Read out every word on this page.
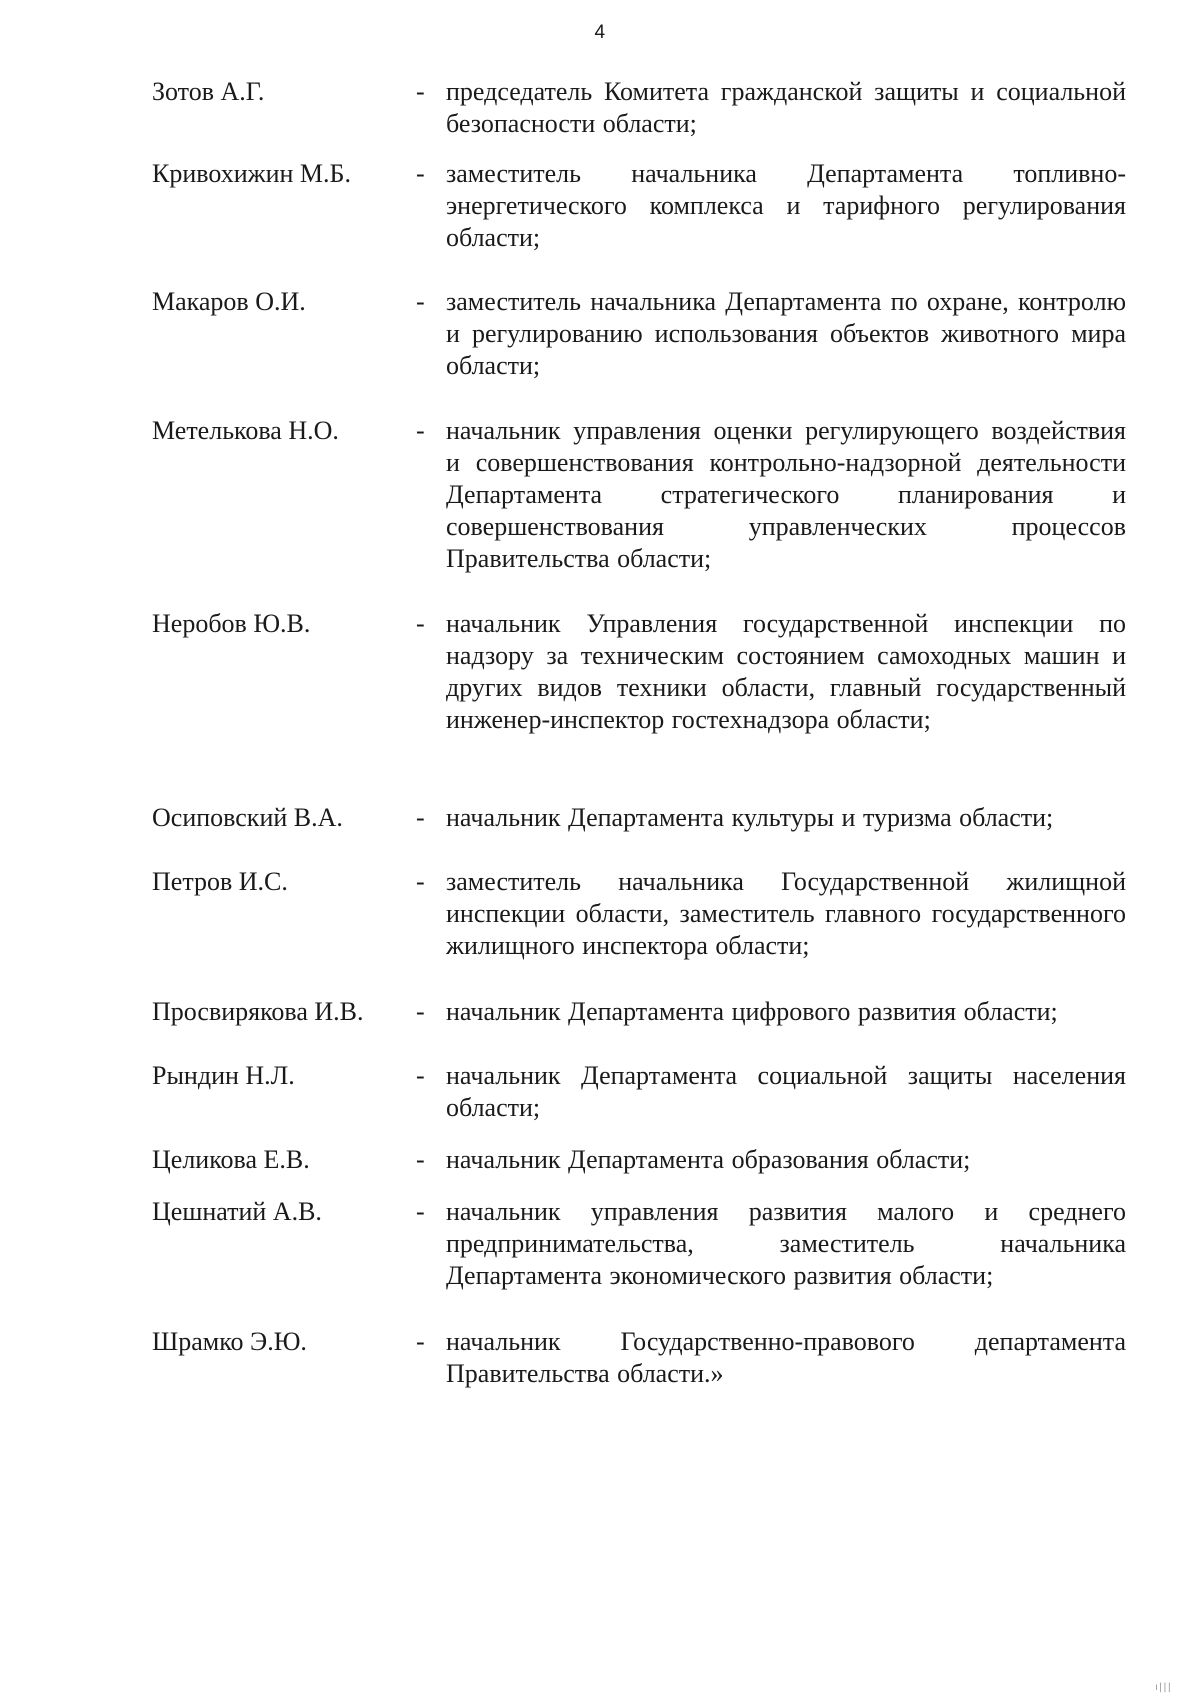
4
Зотов А.Г.	- председатель Комитета гражданской защиты и социальной безопасности области;
Кривохижин М.Б.	- заместитель начальника Департамента топливно-энергетического комплекса и тарифного регулирования области;
Макаров О.И.	- заместитель начальника Департамента по охране, контролю и регулированию использования объектов животного мира области;
Метелькова Н.О.	- начальник управления оценки регулирующего воздействия и совершенствования контрольно-надзорной деятельности Департамента стратегического планирования и совершенствования управленческих процессов Правительства области;
Неробов Ю.В.	- начальник Управления государственной инспекции по надзору за техническим состоянием самоходных машин и других видов техники области, главный государственный инженер-инспектор гостехнадзора области;
Осиповский В.А.	- начальник Департамента культуры и туризма области;
Петров И.С.	- заместитель начальника Государственной жилищной инспекции области, заместитель главного государственного жилищного инспектора области;
Просвирякова И.В.	- начальник Департамента цифрового развития области;
Рындин Н.Л.	- начальник Департамента социальной защиты населения области;
Целикова Е.В.	- начальник Департамента образования области;
Цешнатий А.В.	- начальник управления развития малого и среднего предпринимательства, заместитель начальника Департамента экономического развития области;
Шрамко Э.Ю.	- начальник Государственно-правового департамента Правительства области.»
ı|||
